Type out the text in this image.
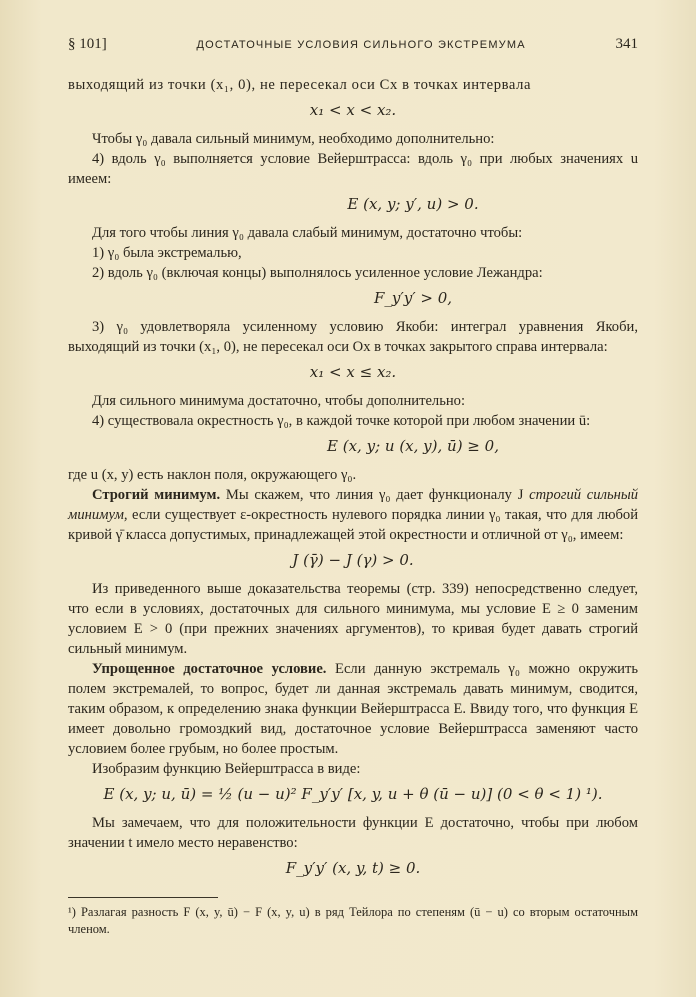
§ 101]	ДОСТАТОЧНЫЕ УСЛОВИЯ СИЛЬНОГО ЭКСТРЕМУМА	341

выходящий из точки (x₁, 0), не пересекал оси Cx в точках интервала

x₁ < x < x₂.

Чтобы γ₀ давала сильный минимум, необходимо дополнительно:

4) вдоль γ₀ выполняется условие Вейерштрасса: вдоль γ₀ при любых значениях u имеем:

E (x, y; y′, u) > 0.

Для того чтобы линия γ₀ давала слабый минимум, достаточно чтобы:

1) γ₀ была экстремалью,

2) вдоль γ₀ (включая концы) выполнялось усиленное условие Лежандра:

F_y′y′ > 0,

3) γ₀ удовлетворяла усиленному условию Якоби: интеграл уравнения Якоби, выходящий из точки (x₁, 0), не пересекал оси Ox в точках закрытого справа интервала:

x₁ < x ≤ x₂.

Для сильного минимума достаточно, чтобы дополнительно:

4) существовала окрестность γ₀, в каждой точке которой при любом значении ū:

E (x, y; u (x, y), ū) ≥ 0,

где u (x, y) есть наклон поля, окружающего γ₀.

Строгий минимум. Мы скажем, что линия γ₀ дает функционалу J строгий сильный минимум, если существует ε-окрестность нулевого порядка линии γ₀ такая, что для любой кривой γ̄ класса допустимых, принадлежащей этой окрестности и отличной от γ₀, имеем:

J (γ̄) − J (γ) > 0.

Из приведенного выше доказательства теоремы (стр. 339) непосредственно следует, что если в условиях, достаточных для сильного минимума, мы условие E ≥ 0 заменим условием E > 0 (при прежних значениях аргументов), то кривая будет давать строгий сильный минимум.

Упрощенное достаточное условие. Если данную экстремаль γ₀ можно окружить полем экстремалей, то вопрос, будет ли данная экстремаль давать минимум, сводится, таким образом, к определению знака функции Вейерштрасса E. Ввиду того, что функция E имеет довольно громоздкий вид, достаточное условие Вейерштрасса заменяют часто условием более грубым, но более простым.

Изобразим функцию Вейерштрасса в виде:

E (x, y; u, ū) = ½ (u − u)² F_y′y′ [x, y, u + θ (ū − u)] (0 < θ < 1) ¹).

Мы замечаем, что для положительности функции E достаточно, чтобы при любом значении t имело место неравенство:

F_y′y′ (x, y, t) ≥ 0.

¹) Разлагая разность F (x, y, ū) − F (x, y, u) в ряд Тейлора по степеням (ū − u) со вторым остаточным членом.
